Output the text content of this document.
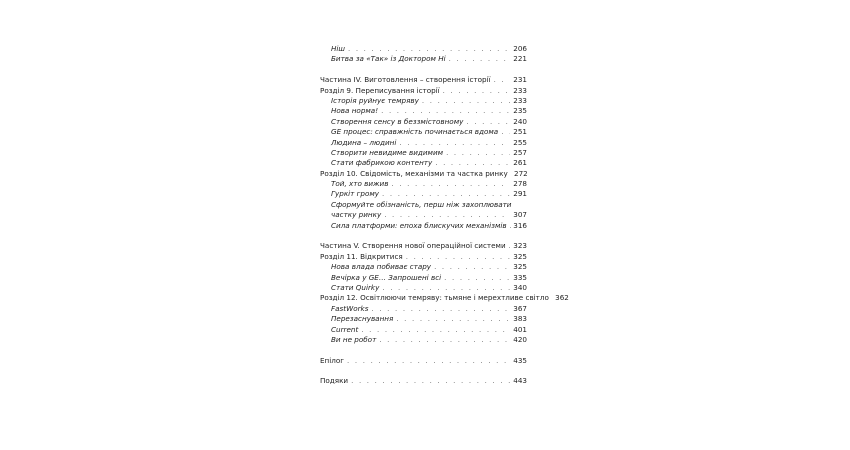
Ніш . . .	206
Битва за «Так» із Доктором Ні . . .	221
Частина IV. Виготовлення – створення історії . . .	231
Розділ 9. Переписування історії . . .	233
Історія руйнує темряву . . .	233
Нова норма! . . .	235
Створення сенсу в беззмістовному . . .	240
GE процес: справжність починається вдома . . . 251
Людина – людині . . .	255
Створити невидиме видимим . . .	257
Стати фабрикою контенту . . .	261
Розділ 10. Свідомість, механізми та частка ринку 272
Той, хто вижив . . .	278
Гуркіт грому . . .	291
Сформуйте обізнаність, перш ніж захоплювати
частку ринку . . .	307
Сила платформи: епоха блискучих механізмів . . . 316
Частина V. Створення нової операційної системи . . . 323
Розділ 11. Відкритися . . .	325
Нова влада побиває стару . . .	325
Вечірка у GE… Запрошені всі . . .	335
Стати Quirky . . .	340
Розділ 12. Освітлюючи темряву: тьмяне і мерехтливе світло 362
FastWorks . . .	367
Перезаснування . . .	383
Current . . .	401
Ви не робот . . .	420
Епілог . . .	435
Подяки . . .	443
